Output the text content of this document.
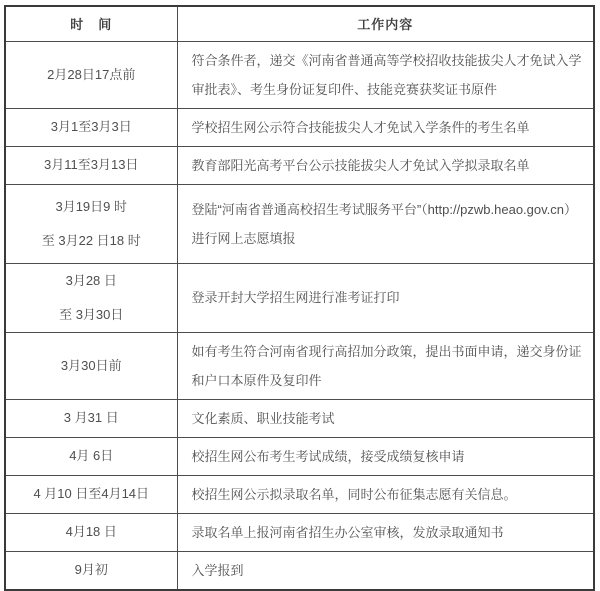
时　间	工作内容

2月28日17点前	符合条件者，递交《河南省普通高等学校招收技能拔尖人才免试入学审批表》、考生身份证复印件、技能竞赛获奖证书原件

3月1至3月3日	学校招生网公示符合技能拔尖人才免试入学条件的考生名单

3月11至3月13日	教育部阳光高考平台公示技能拔尖人才免试入学拟录取名单

3月19日9 时
至 3月22 日18 时	登陆“河南省普通高校招生考试服务平台”（http://pzwb.heao.gov.cn）进行网上志愿填报

3月28 日
至 3月30日	登录开封大学招生网进行准考证打印

3月30日前	如有考生符合河南省现行高招加分政策，提出书面申请，递交身份证和户口本原件及复印件

3 月31 日	文化素质、职业技能考试

4月 6日	校招生网公布考生考试成绩，接受成绩复核申请

4 月10 日至4月14日	校招生网公示拟录取名单，同时公布征集志愿有关信息。

4月18 日	录取名单上报河南省招生办公室审核，发放录取通知书

9月初	入学报到
